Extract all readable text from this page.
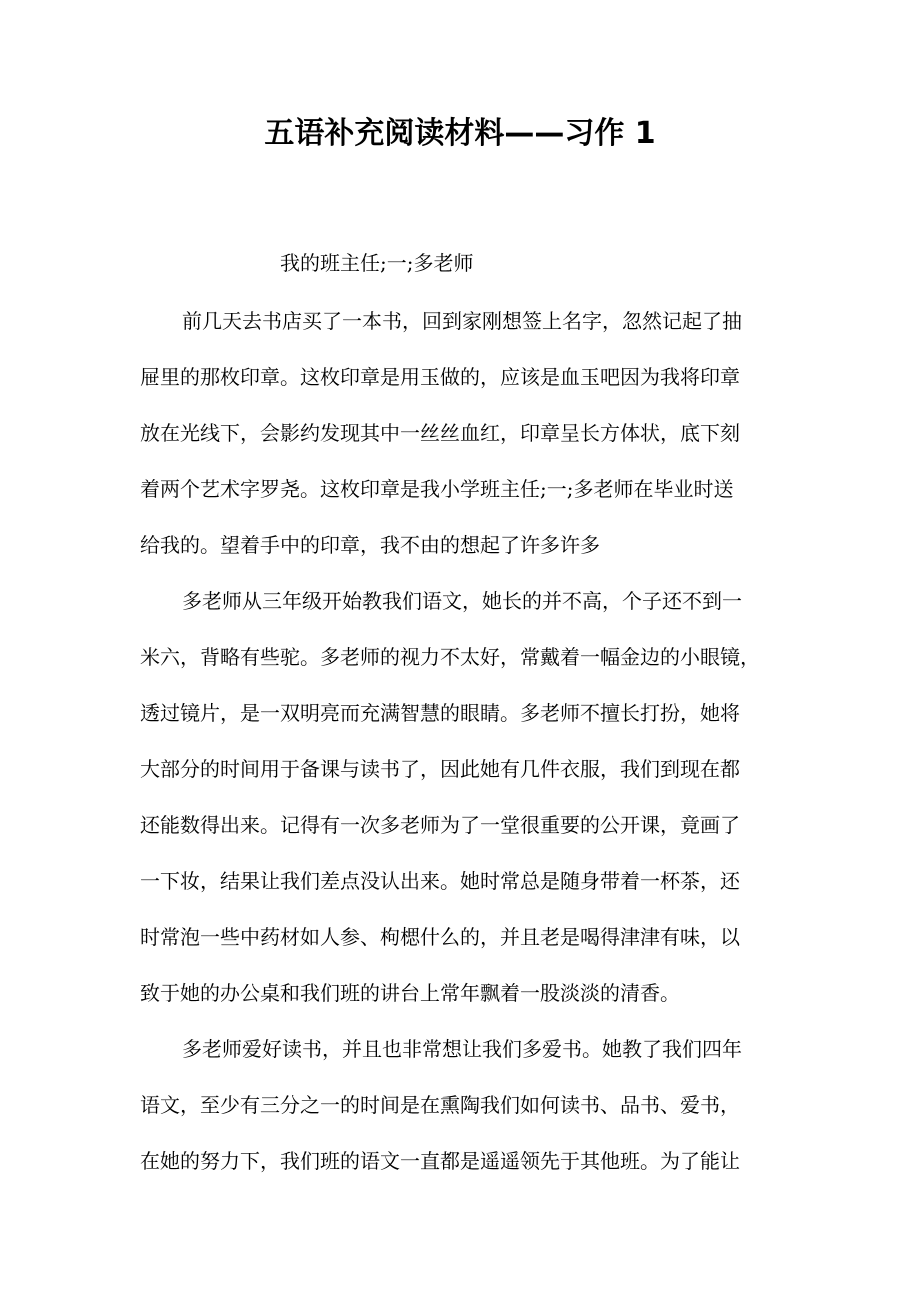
五语补充阅读材料——习作 1
我的班主任;一;多老师
前几天去书店买了一本书，回到家刚想签上名字，忽然记起了抽
屉里的那枚印章。这枚印章是用玉做的，应该是血玉吧因为我将印章
放在光线下，会影约发现其中一丝丝血红，印章呈长方体状，底下刻
着两个艺术字罗尧。这枚印章是我小学班主任;一;多老师在毕业时送
给我的。望着手中的印章，我不由的想起了许多许多
多老师从三年级开始教我们语文，她长的并不高，个子还不到一
米六，背略有些驼。多老师的视力不太好，常戴着一幅金边的小眼镜，
透过镜片，是一双明亮而充满智慧的眼睛。多老师不擅长打扮，她将
大部分的时间用于备课与读书了，因此她有几件衣服，我们到现在都
还能数得出来。记得有一次多老师为了一堂很重要的公开课，竟画了
一下妆，结果让我们差点没认出来。她时常总是随身带着一杯茶，还
时常泡一些中药材如人参、枸楒什么的，并且老是喝得津津有味，以
致于她的办公桌和我们班的讲台上常年飘着一股淡淡的清香。
多老师爱好读书，并且也非常想让我们多爱书。她教了我们四年
语文，至少有三分之一的时间是在熏陶我们如何读书、品书、爱书，
在她的努力下，我们班的语文一直都是遥遥领先于其他班。为了能让
